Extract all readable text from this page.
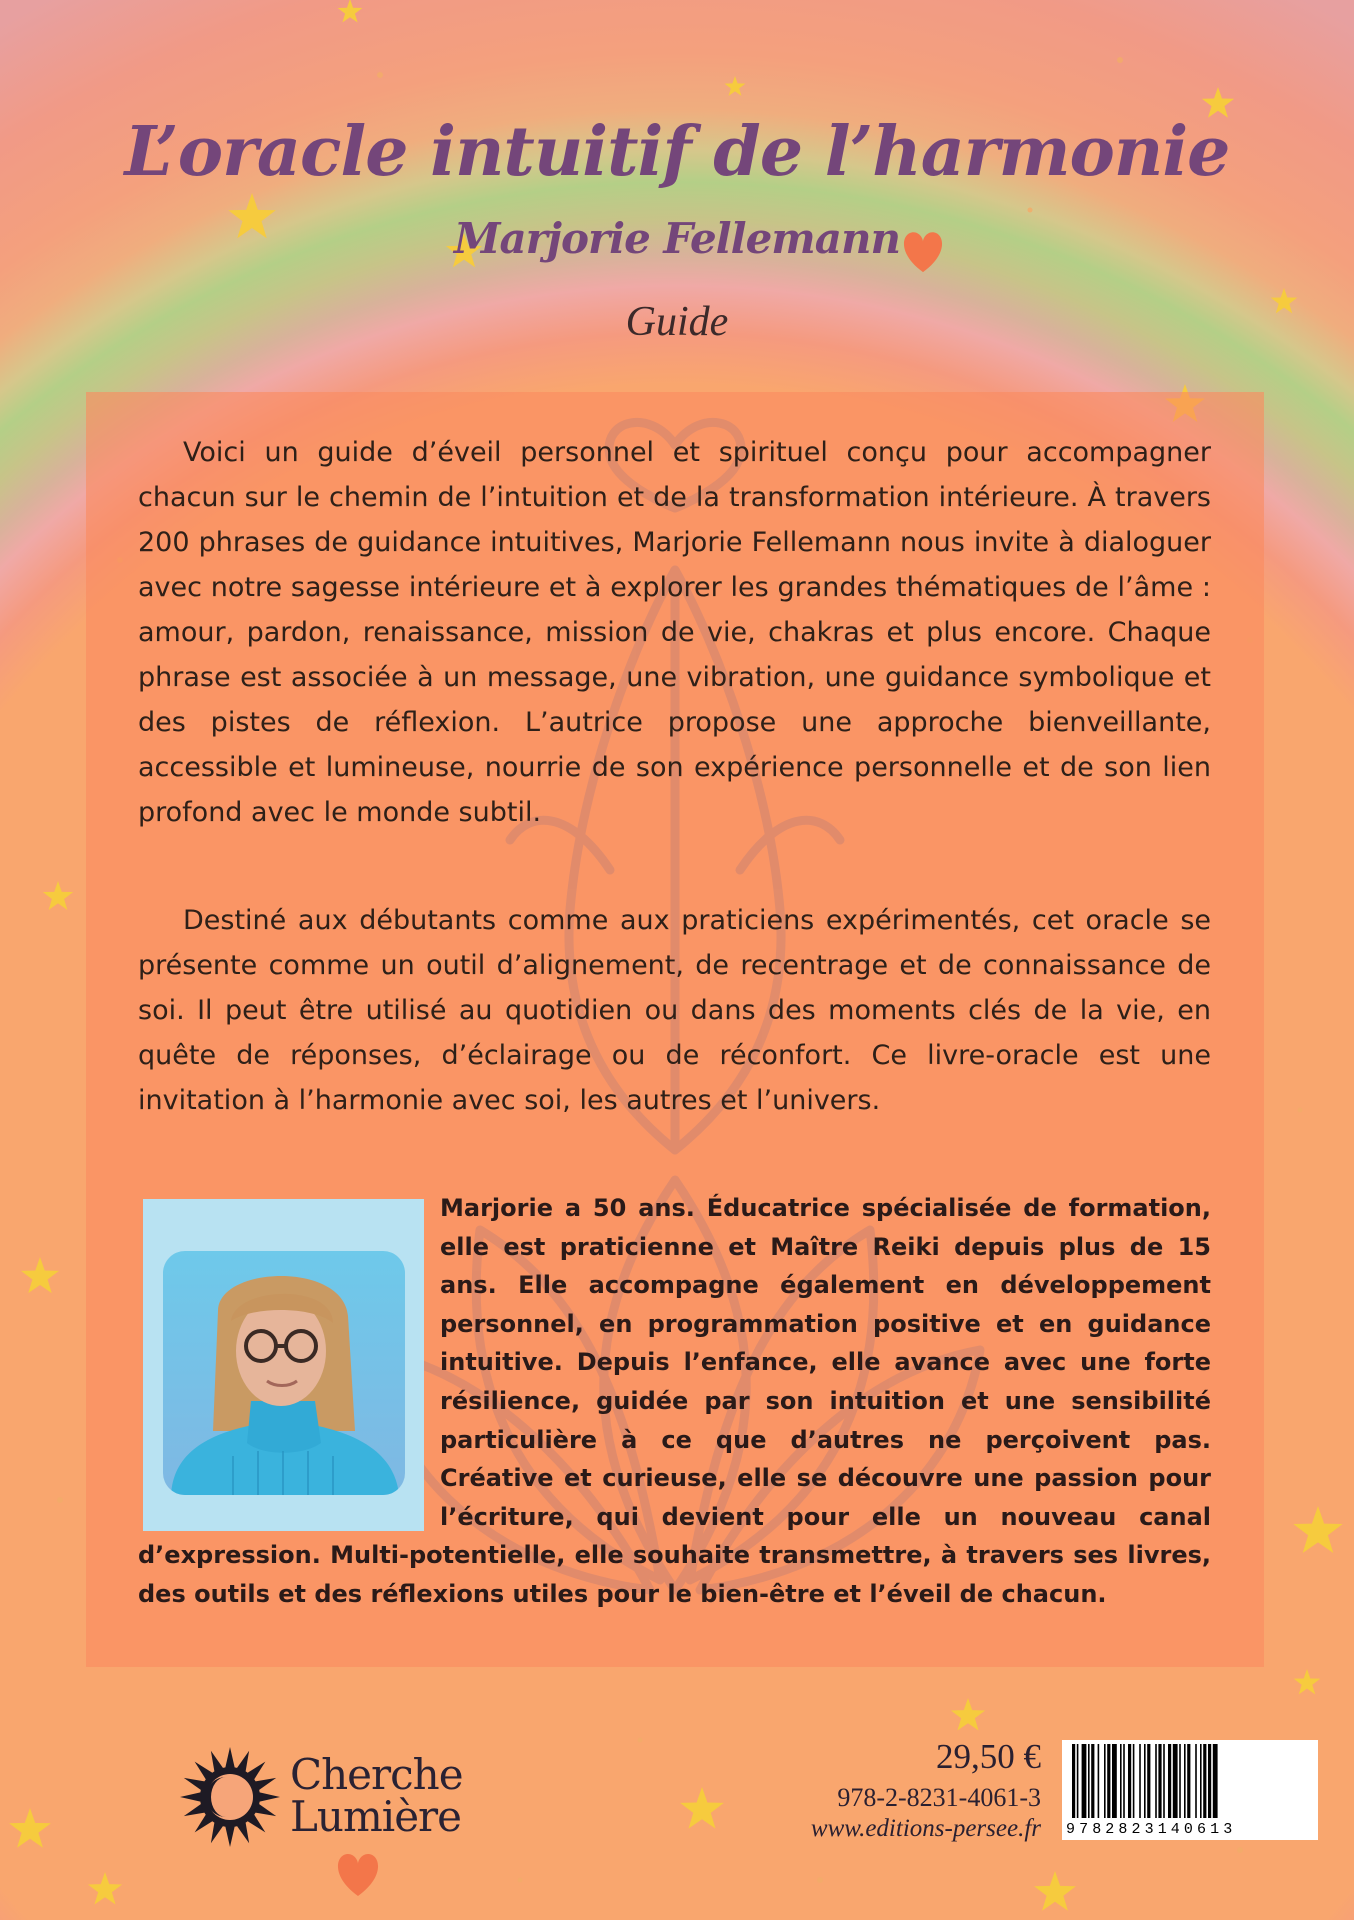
L’oracle intuitif de l’harmonie
Marjorie Fellemann
Guide

Voici un guide d’éveil personnel et spirituel conçu pour accompagner chacun sur le chemin de l’intuition et de la transformation intérieure. À travers 200 phrases de guidance intuitives, Marjorie Fellemann nous invite à dialoguer avec notre sagesse intérieure et à explorer les grandes thématiques de l’âme : amour, pardon, renaissance, mission de vie, chakras et plus encore. Chaque phrase est associée à un message, une vibration, une guidance symbolique et des pistes de réflexion. L’autrice propose une approche bienveillante, accessible et lumineuse, nourrie de son expérience personnelle et de son lien profond avec le monde subtil.

Destiné aux débutants comme aux praticiens expérimentés, cet oracle se présente comme un outil d’alignement, de recentrage et de connaissance de soi. Il peut être utilisé au quotidien ou dans des moments clés de la vie, en quête de réponses, d’éclairage ou de réconfort. Ce livre-oracle est une invitation à l’harmonie avec soi, les autres et l’univers.

Marjorie a 50 ans. Éducatrice spécialisée de formation, elle est praticienne et Maître Reiki depuis plus de 15 ans. Elle accompagne également en développement personnel, en programmation positive et en guidance intuitive. Depuis l’enfance, elle avance avec une forte résilience, guidée par son intuition et une sensibilité particulière à ce que d’autres ne perçoivent pas. Créative et curieuse, elle se découvre une passion pour l’écriture, qui devient pour elle un nouveau canal d’expression. Multi-potentielle, elle souhaite transmettre, à travers ses livres, des outils et des réflexions utiles pour le bien-être et l’éveil de chacun.

Cherche
Lumière
29,50 €
978-2-8231-4061-3
www.editions-persee.fr 9782823140613
